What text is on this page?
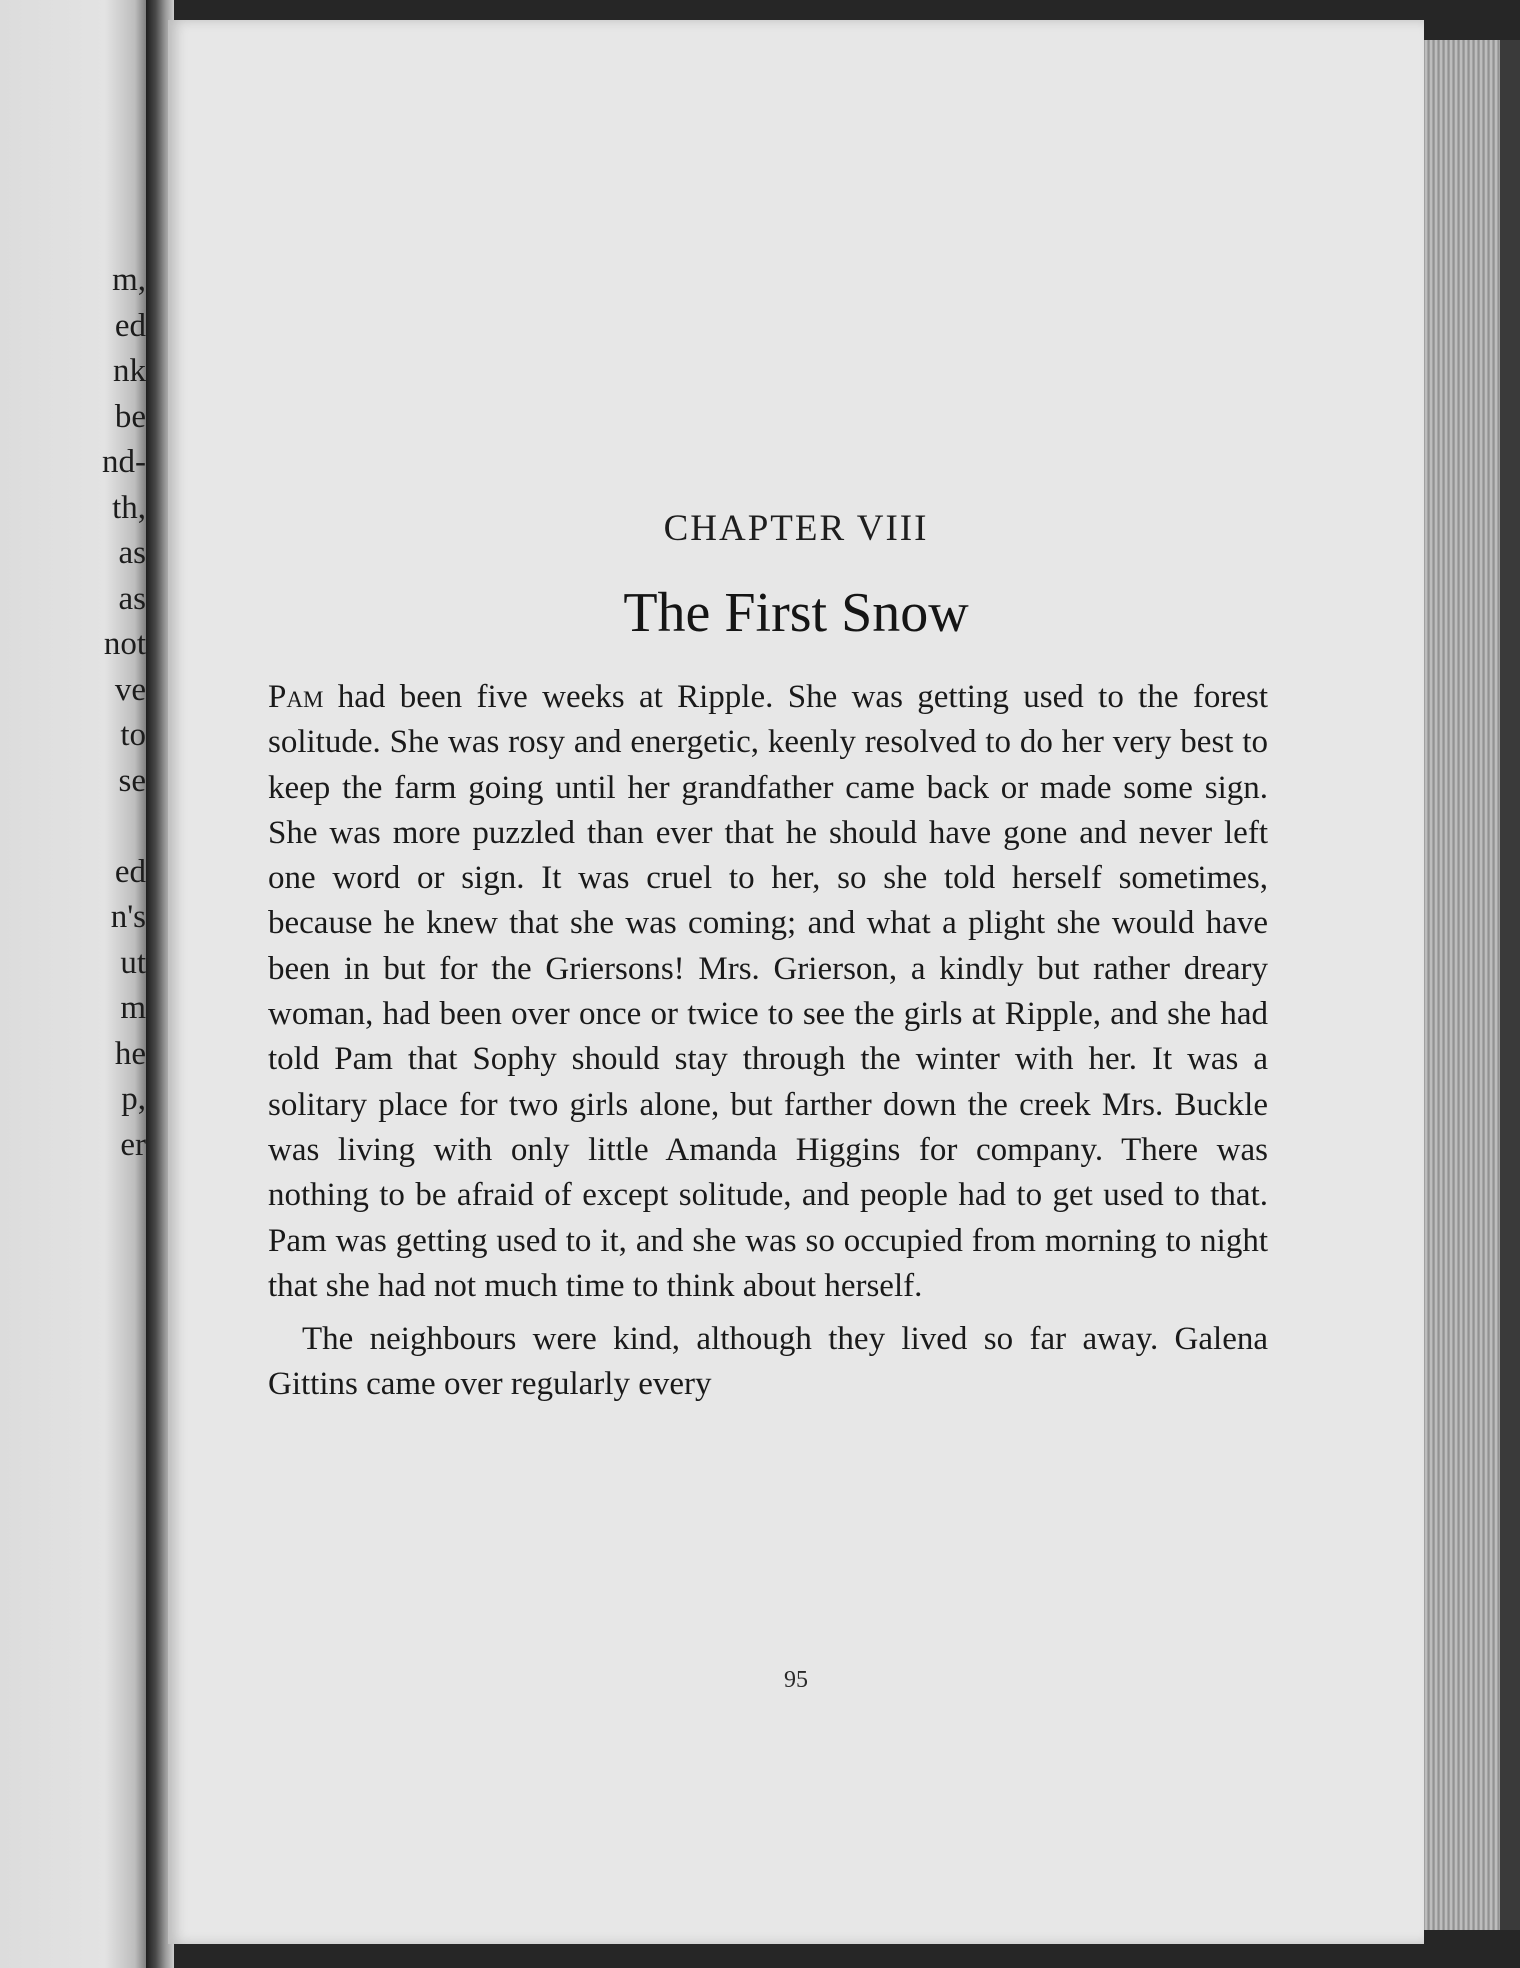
m,
ed
nk
be
nd-
th,
as
as
not
ve
to
se
ed
n's
ut
m
he
p,
er
CHAPTER VIII
The First Snow

Pam had been five weeks at Ripple. She was getting used to the forest solitude. She was rosy and energetic, keenly resolved to do her very best to keep the farm going until her grandfather came back or made some sign. She was more puzzled than ever that he should have gone and never left one word or sign. It was cruel to her, so she told herself sometimes, because he knew that she was coming; and what a plight she would have been in but for the Griersons! Mrs. Grierson, a kindly but rather dreary woman, had been over once or twice to see the girls at Ripple, and she had told Pam that Sophy should stay through the winter with her. It was a solitary place for two girls alone, but farther down the creek Mrs. Buckle was living with only little Amanda Higgins for company. There was nothing to be afraid of except solitude, and people had to get used to that. Pam was getting used to it, and she was so occupied from morning to night that she had not much time to think about herself.

The neighbours were kind, although they lived so far away. Galena Gittins came over regularly every

95
